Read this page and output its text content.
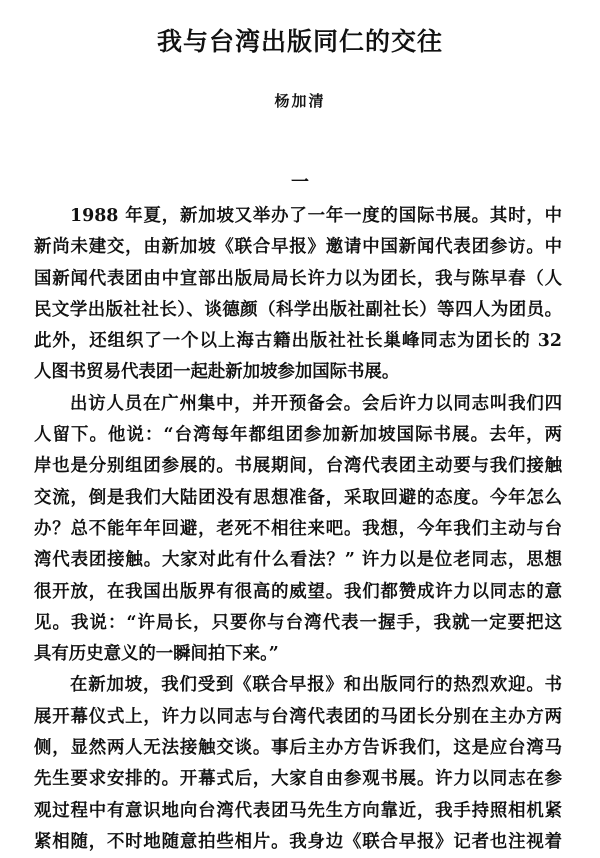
我与台湾出版同仁的交往
杨加清
一
1988 年夏，新加坡又举办了一年一度的国际书展。其时，中
新尚未建交，由新加坡《联合早报》邀请中国新闻代表团参访。中
国新闻代表团由中宣部出版局局长许力以为团长，我与陈早春（人
民文学出版社社长）、谈德颜（科学出版社副社长）等四人为团员。
此外，还组织了一个以上海古籍出版社社长巢峰同志为团长的 32
人图书贸易代表团一起赴新加坡参加国际书展。
出访人员在广州集中，并开预备会。会后许力以同志叫我们四
人留下。他说：“台湾每年都组团参加新加坡国际书展。去年，两
岸也是分别组团参展的。书展期间，台湾代表团主动要与我们接触
交流，倒是我们大陆团没有思想准备，采取回避的态度。今年怎么
办？总不能年年回避，老死不相往来吧。我想，今年我们主动与台
湾代表团接触。大家对此有什么看法？” 许力以是位老同志，思想
很开放，在我国出版界有很高的威望。我们都赞成许力以同志的意
见。我说：“许局长，只要你与台湾代表一握手，我就一定要把这
具有历史意义的一瞬间拍下来。”
在新加坡，我们受到《联合早报》和出版同行的热烈欢迎。书
展开幕仪式上，许力以同志与台湾代表团的马团长分别在主办方两
侧，显然两人无法接触交谈。事后主办方告诉我们，这是应台湾马
先生要求安排的。开幕式后，大家自由参观书展。许力以同志在参
观过程中有意识地向台湾代表团马先生方向靠近，我手持照相机紧
紧相随，不时地随意拍些相片。我身边《联合早报》记者也注视着
